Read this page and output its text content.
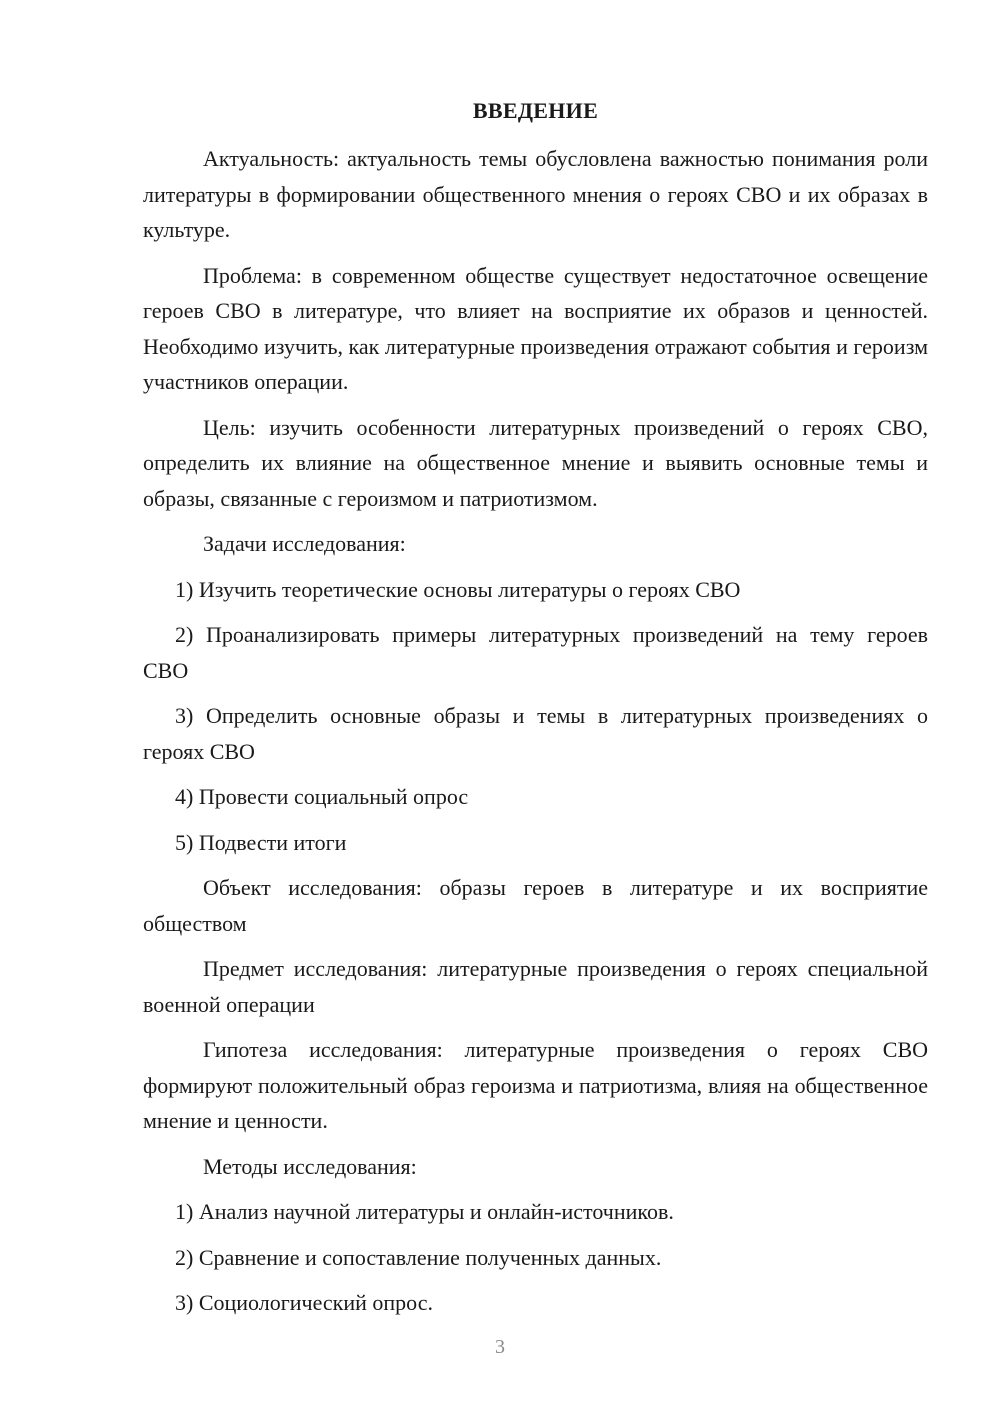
ВВЕДЕНИЕ

Актуальность: актуальность темы обусловлена важностью понимания роли литературы в формировании общественного мнения о героях СВО и их образах в культуре.

Проблема: в современном обществе существует недостаточное освещение героев СВО в литературе, что влияет на восприятие их образов и ценностей. Необходимо изучить, как литературные произведения отражают события и героизм участников операции.

Цель: изучить особенности литературных произведений о героях СВО, определить их влияние на общественное мнение и выявить основные темы и образы, связанные с героизмом и патриотизмом.

Задачи исследования:

1) Изучить теоретические основы литературы о героях СВО

2) Проанализировать примеры литературных произведений на тему героев СВО

3) Определить основные образы и темы в литературных произведениях о героях СВО

4) Провести социальный опрос

5) Подвести итоги

Объект исследования: образы героев в литературе и их восприятие обществом

Предмет исследования: литературные произведения о героях специальной военной операции

Гипотеза исследования: литературные произведения о героях СВО формируют положительный образ героизма и патриотизма, влияя на общественное мнение и ценности.

Методы исследования:

1) Анализ научной литературы и онлайн-источников.

2) Сравнение и сопоставление полученных данных.

3) Социологический опрос.

3
